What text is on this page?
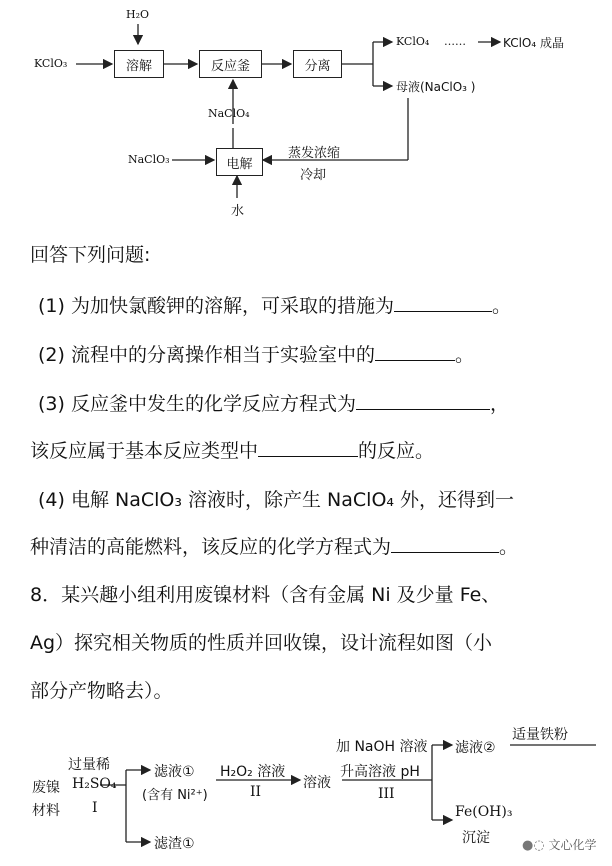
H₂O
KClO₃	溶解	反应釜	分离
电解
KClO₄ ……	KClO₄ 成晶
母液(NaClO₃ )
NaClO₄
NaClO₃	蒸发浓缩
冷却
水
回答下列问题:
(1) 为加快氯酸钾的溶解，可采取的措施为	。
(2) 流程中的分离操作相当于实验室中的	。
(3) 反应釜中发生的化学反应方程式为	，
该反应属于基本反应类型中	的反应。
(4) 电解 NaClO₃ 溶液时，除产生 NaClO₄ 外，还得到一
种清洁的高能燃料，该反应的化学方程式为	。
8．某兴趣小组利用废镍材料（含有金属 Ni 及少量 Fe、
Ag）探究相关物质的性质并回收镍，设计流程如图（小
部分产物略去）。
废镍
材料
过量稀
H₂SO₄
I
滤液①
(含有 Ni²⁺)
滤渣①
H₂O₂ 溶液
II
溶液
加 NaOH 溶液
升高溶液 pH
III
滤液②
适量铁粉
Fe(OH)₃
沉淀 ●◌ 文心化学
